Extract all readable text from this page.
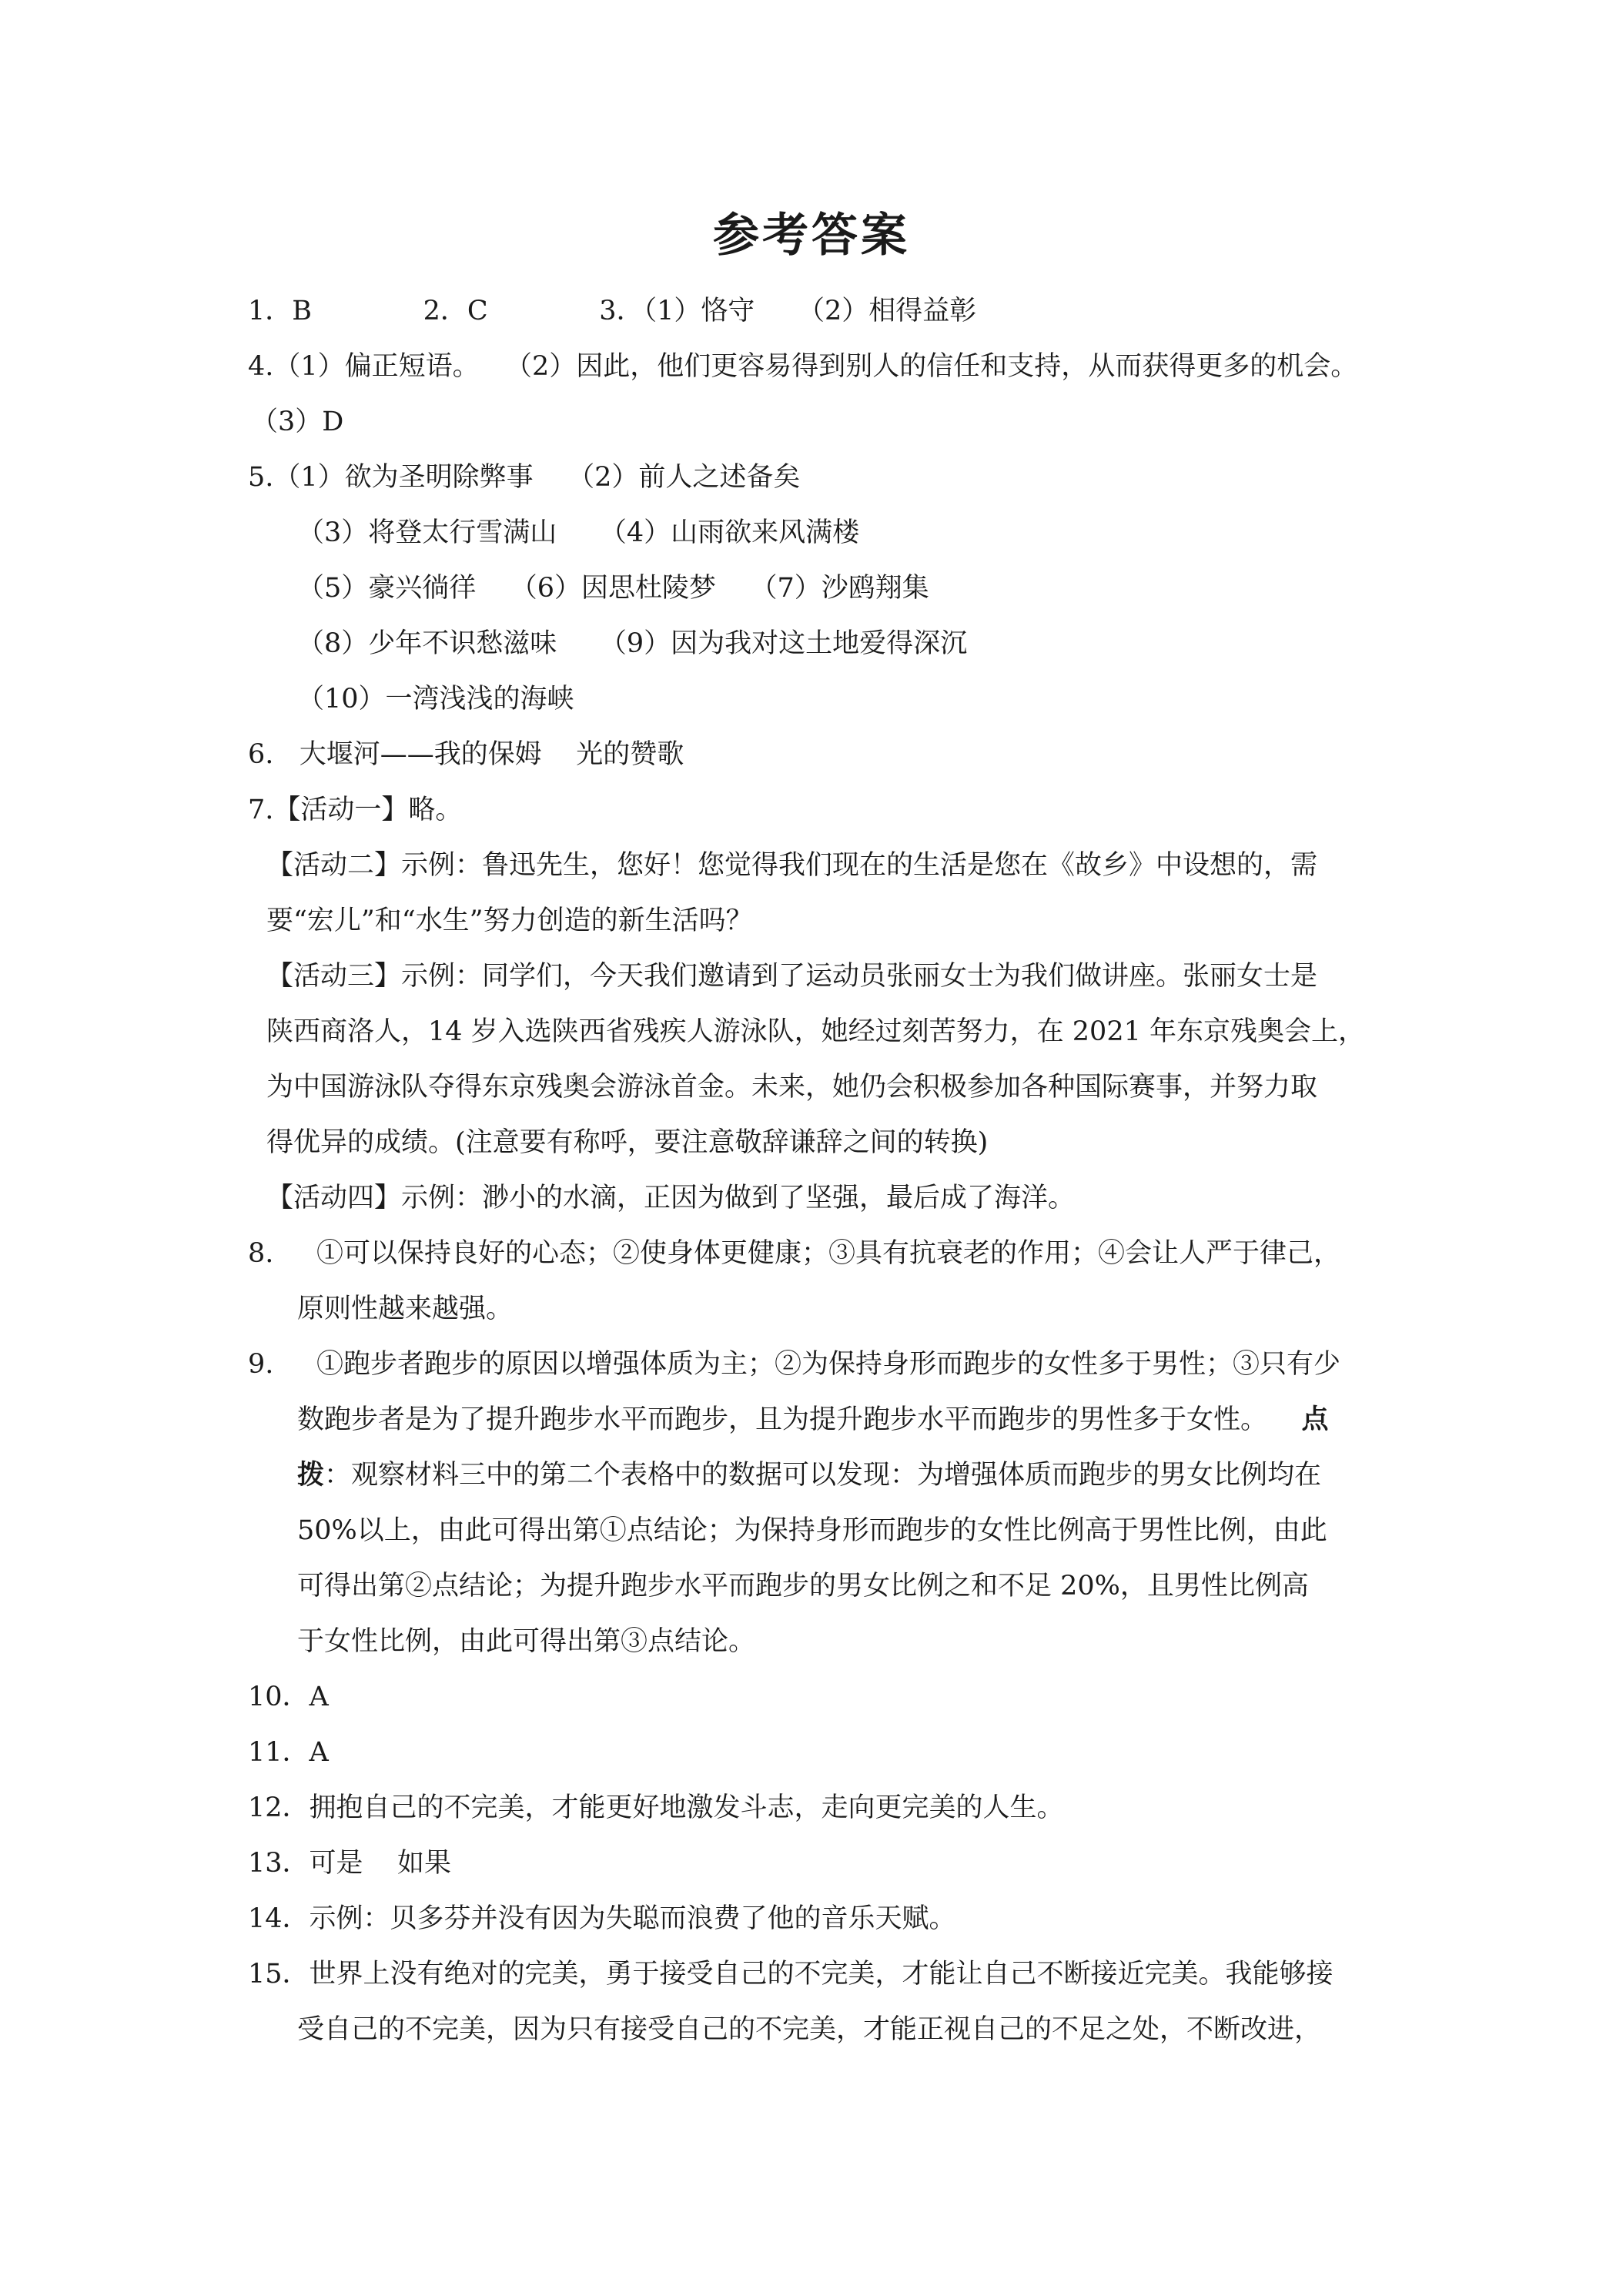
参考答案
1．B             2．C             3．（1）恪守     （2）相得益彰
4.（1）偏正短语。   （2）因此，他们更容易得到别人的信任和支持，从而获得更多的机会。
（3）D
5.（1）欲为圣明除弊事    （2）前人之述备矣
（3）将登太行雪满山     （4）山雨欲来风满楼
（5）豪兴徜徉    （6）因思杜陵梦    （7）沙鸥翔集
（8）少年不识愁滋味     （9）因为我对这土地爱得深沉
（10）一湾浅浅的海峡
6.   大堰河——我的保姆    光的赞歌
7.【活动一】略。
【活动二】示例：鲁迅先生，您好！您觉得我们现在的生活是您在《故乡》中设想的，需
要“宏儿”和“水生”努力创造的新生活吗？
【活动三】示例：同学们，今天我们邀请到了运动员张丽女士为我们做讲座。张丽女士是
陕西商洛人，14 岁入选陕西省残疾人游泳队，她经过刻苦努力，在 2021 年东京残奥会上，
为中国游泳队夺得东京残奥会游泳首金。未来，她仍会积极参加各种国际赛事，并努力取
得优异的成绩。(注意要有称呼，要注意敬辞谦辞之间的转换)
【活动四】示例：渺小的水滴，正因为做到了坚强，最后成了海洋。
8.     ①可以保持良好的心态；②使身体更健康；③具有抗衰老的作用；④会让人严于律己，
原则性越来越强。
9.     ①跑步者跑步的原因以增强体质为主；②为保持身形而跑步的女性多于男性；③只有少
数跑步者是为了提升跑步水平而跑步，且为提升跑步水平而跑步的男性多于女性。    点
拨：观察材料三中的第二个表格中的数据可以发现：为增强体质而跑步的男女比例均在
50%以上，由此可得出第①点结论；为保持身形而跑步的女性比例高于男性比例，由此
可得出第②点结论；为提升跑步水平而跑步的男女比例之和不足 20%，且男性比例高
于女性比例，由此可得出第③点结论。
10．A
11．A
12．拥抱自己的不完美，才能更好地激发斗志，走向更完美的人生。
13．可是    如果
14．示例：贝多芬并没有因为失聪而浪费了他的音乐天赋。
15．世界上没有绝对的完美，勇于接受自己的不完美，才能让自己不断接近完美。我能够接
受自己的不完美，因为只有接受自己的不完美，才能正视自己的不足之处，不断改进，
